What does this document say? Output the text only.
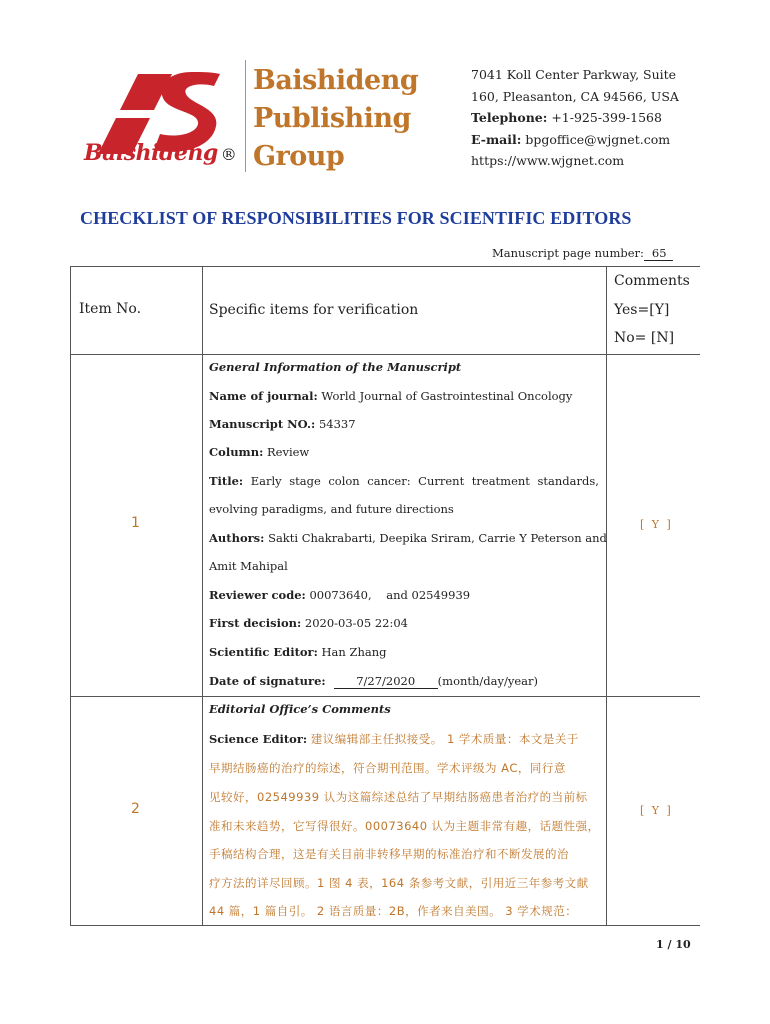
Baishideng ®
Baishideng
Publishing
Group
7041 Koll Center Parkway, Suite
160, Pleasanton, CA 94566, USA
Telephone: +1-925-399-1568
E-mail: bpgoffice@wjgnet.com
https://www.wjgnet.com
CHECKLIST OF RESPONSIBILITIES FOR SCIENTIFIC EDITORS
Manuscript page number: 65
Item No.	Specific items for verification
Comments
Yes=[Y]
No= [N]
1
General Information of the Manuscript
Name of journal: World Journal of Gastrointestinal Oncology
Manuscript NO.: 54337
Column: Review
Title: Early stage colon cancer: Current treatment standards,
evolving paradigms, and future directions
Authors: Sakti Chakrabarti, Deepika Sriram, Carrie Y Peterson and
Amit Mahipal
Reviewer code: 00073640,    and 02549939
First decision: 2020-03-05 22:04
Scientific Editor: Han Zhang
Date of signature:	7/27/2020 (month/day/year)
[ Y ]
2
Editorial Office’s Comments
Science Editor: 建议编辑部主任拟接受。 1 学术质量：本文是关于
早期结肠癌的治疗的综述，符合期刊范围。学术评级为 AC，同行意
见较好，02549939 认为这篇综述总结了早期结肠癌患者治疗的当前标
准和未来趋势，它写得很好。00073640 认为主题非常有趣，话题性强，
手稿结构合理，这是有关目前非转移早期的标准治疗和不断发展的治
疗方法的详尽回顾。1 图 4 表，164 条参考文献，引用近三年参考文献
44 篇，1 篇自引。 2 语言质量：2B，作者来自美国。 3 学术规范：
[ Y ]
1 / 10
